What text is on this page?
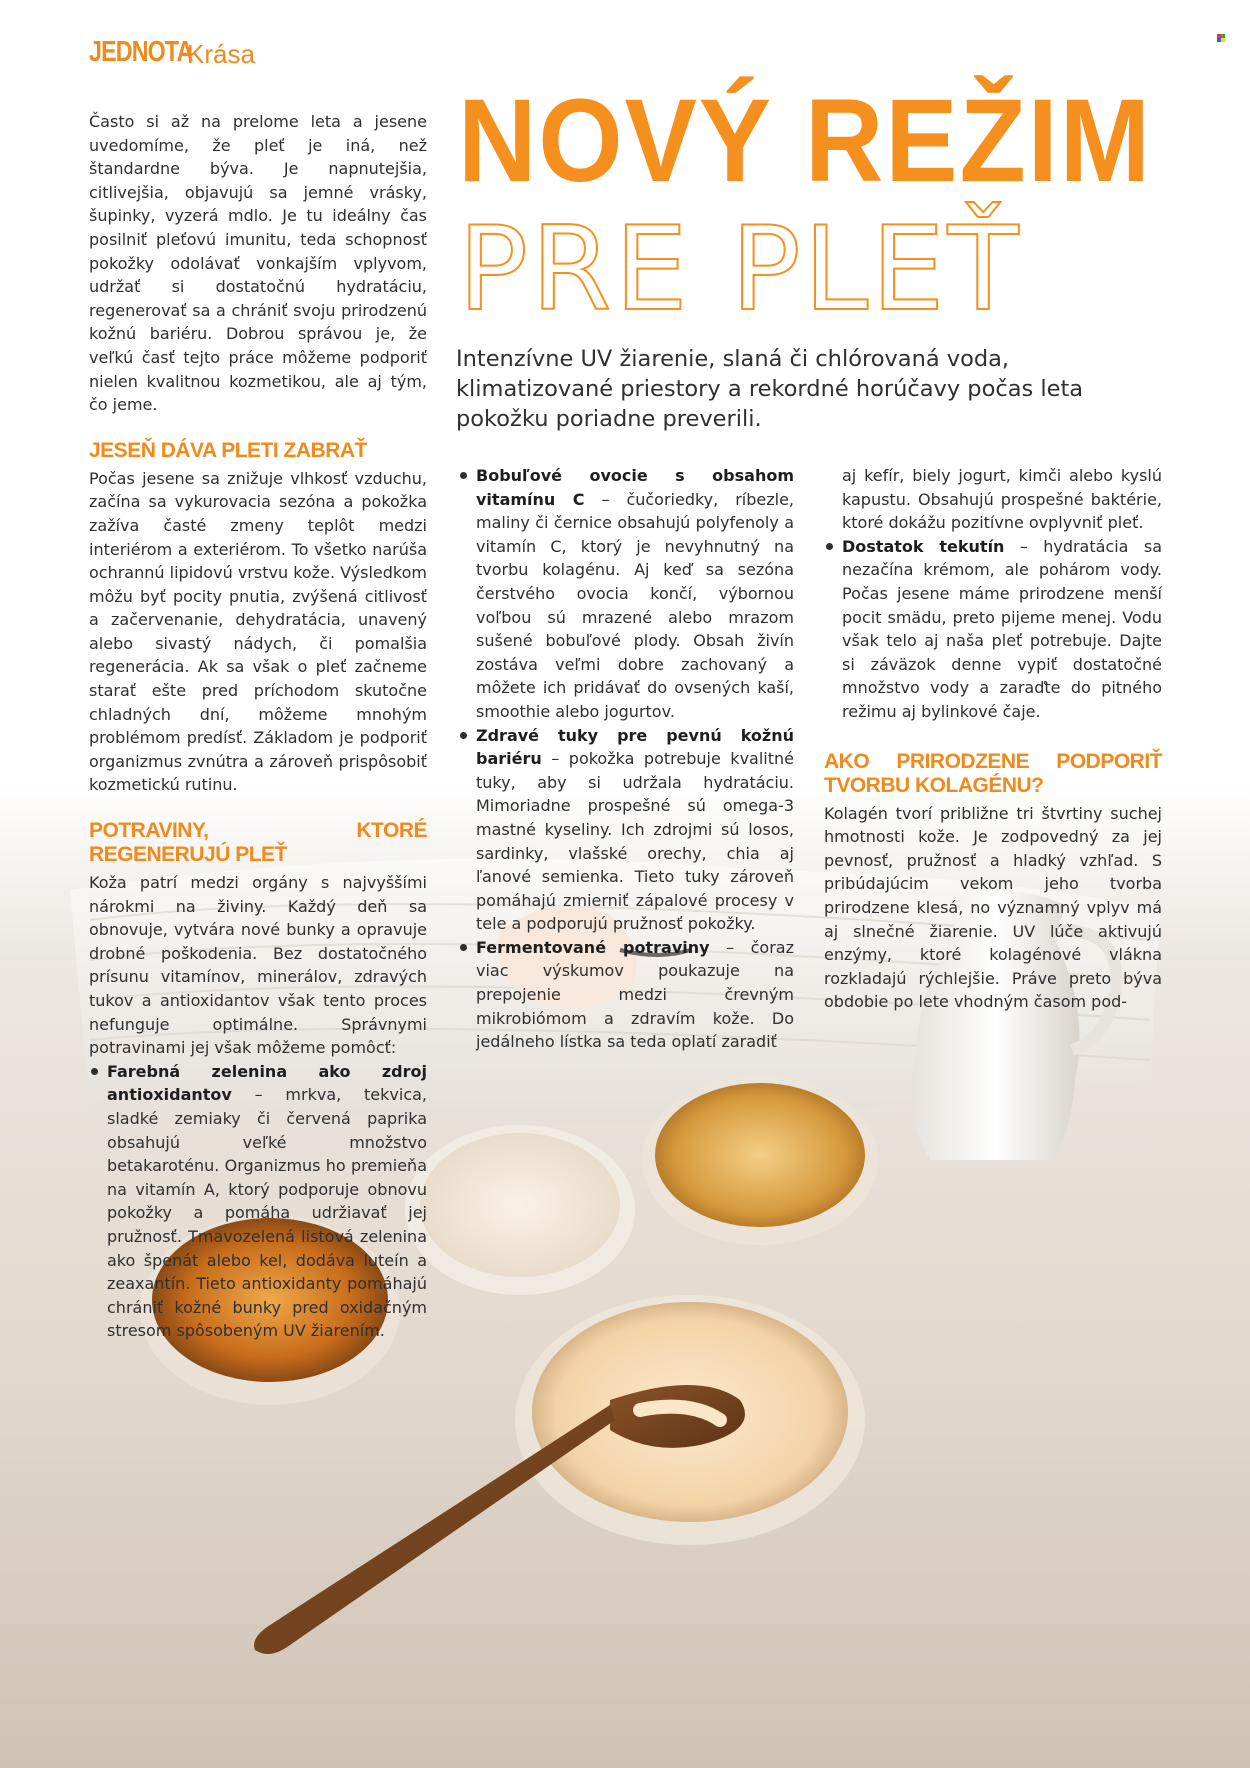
JEDNOTA
Krása
NOVÝ REŽIM
PRE PLEŤ
Intenzívne UV žiarenie, slaná či chlórovaná voda, klimatizované priestory a rekordné horúčavy počas leta pokožku poriadne preverili.

Často si až na prelome leta a jesene uvedomíme, že pleť je iná, než štandardne býva. Je napnutejšia, citlivejšia, objavujú sa jemné vrásky, šupinky, vyzerá mdlo. Je tu ideálny čas posilniť pleťovú imunitu, teda schopnosť pokožky odolávať vonkajším vplyvom, udržať si dostatočnú hydratáciu, regenerovať sa a chrániť svoju prirodzenú kožnú bariéru. Dobrou správou je, že veľkú časť tejto práce môžeme podporiť nielen kvalitnou kozmetikou, ale aj tým, čo jeme.

JESEŇ DÁVA PLETI ZABRAŤ

Počas jesene sa znižuje vlhkosť vzduchu, začína sa vykurovacia sezóna a pokožka zažíva časté zmeny teplôt medzi interiérom a exteriérom. To všetko narúša ochrannú lipidovú vrstvu kože. Výsledkom môžu byť pocity pnutia, zvýšená citlivosť a začervenanie, dehydratácia, unavený alebo sivastý nádych, či pomalšia regenerácia. Ak sa však o pleť začneme starať ešte pred príchodom skutočne chladných dní, môžeme mnohým problémom predísť. Základom je podporiť organizmus zvnútra a zároveň prispôsobiť kozmetickú rutinu.

POTRAVINY, KTORÉ REGENERUJÚ PLEŤ

Koža patrí medzi orgány s najvyššími nárokmi na živiny. Každý deň sa obnovuje, vytvára nové bunky a opravuje drobné poškodenia. Bez dostatočného prísunu vitamínov, minerálov, zdravých tukov a antioxidantov však tento proces nefunguje optimálne. Správnymi potravinami jej však môžeme pomôcť:

Farebná zelenina ako zdroj antioxidantov – mrkva, tekvica, sladké zemiaky či červená paprika obsahujú veľké množstvo betakaroténu. Organizmus ho premieňa na vitamín A, ktorý podporuje obnovu pokožky a pomáha udržiavať jej pružnosť. Tmavozelená listová zelenina ako špenát alebo kel, dodáva luteín a zeaxantín. Tieto antioxidanty pomáhajú chrániť kožné bunky pred oxidačným stresom spôsobeným UV žiarením.
Bobuľové ovocie s obsahom vitamínu C – čučoriedky, ríbezle, maliny či černice obsahujú polyfenoly a vitamín C, ktorý je nevyhnutný na tvorbu kolagénu. Aj keď sa sezóna čerstvého ovocia končí, výbornou voľbou sú mrazené alebo mrazom sušené bobuľové plody. Obsah živín zostáva veľmi dobre zachovaný a môžete ich pridávať do ovsených kaší, smoothie alebo jogurtov.
Zdravé tuky pre pevnú kožnú bariéru – pokožka potrebuje kvalitné tuky, aby si udržala hydratáciu. Mimoriadne prospešné sú omega-3 mastné kyseliny. Ich zdrojmi sú losos, sardinky, vlašské orechy, chia aj ľanové semienka. Tieto tuky zároveň pomáhajú zmierniť zápalové procesy v tele a podporujú pružnosť pokožky.
Fermentované potraviny – čoraz viac výskumov poukazuje na prepojenie medzi črevným mikrobiómom a zdravím kože. Do jedálneho lístka sa teda oplatí zaradiť

aj kefír, biely jogurt, kimči alebo kyslú kapustu. Obsahujú prospešné baktérie, ktoré dokážu pozitívne ovplyvniť pleť.

Dostatok tekutín – hydratácia sa nezačína krémom, ale pohárom vody. Počas jesene máme prirodzene menší pocit smädu, preto pijeme menej. Vodu však telo aj naša pleť potrebuje. Dajte si záväzok denne vypiť dostatočné množstvo vody a zaraďte do pitného režimu aj bylinkové čaje.
AKO PRIRODZENE PODPORIŤ TVORBU KOLAGÉNU?

Kolagén tvorí približne tri štvrtiny suchej hmotnosti kože. Je zodpovedný za jej pevnosť, pružnosť a hladký vzhľad. S pribúdajúcim vekom jeho tvorba prirodzene klesá, no významný vplyv má aj slnečné žiarenie. UV lúče aktivujú enzýmy, ktoré kolagénové vlákna rozkladajú rýchlejšie. Práve preto býva obdobie po lete vhodným časom pod-
